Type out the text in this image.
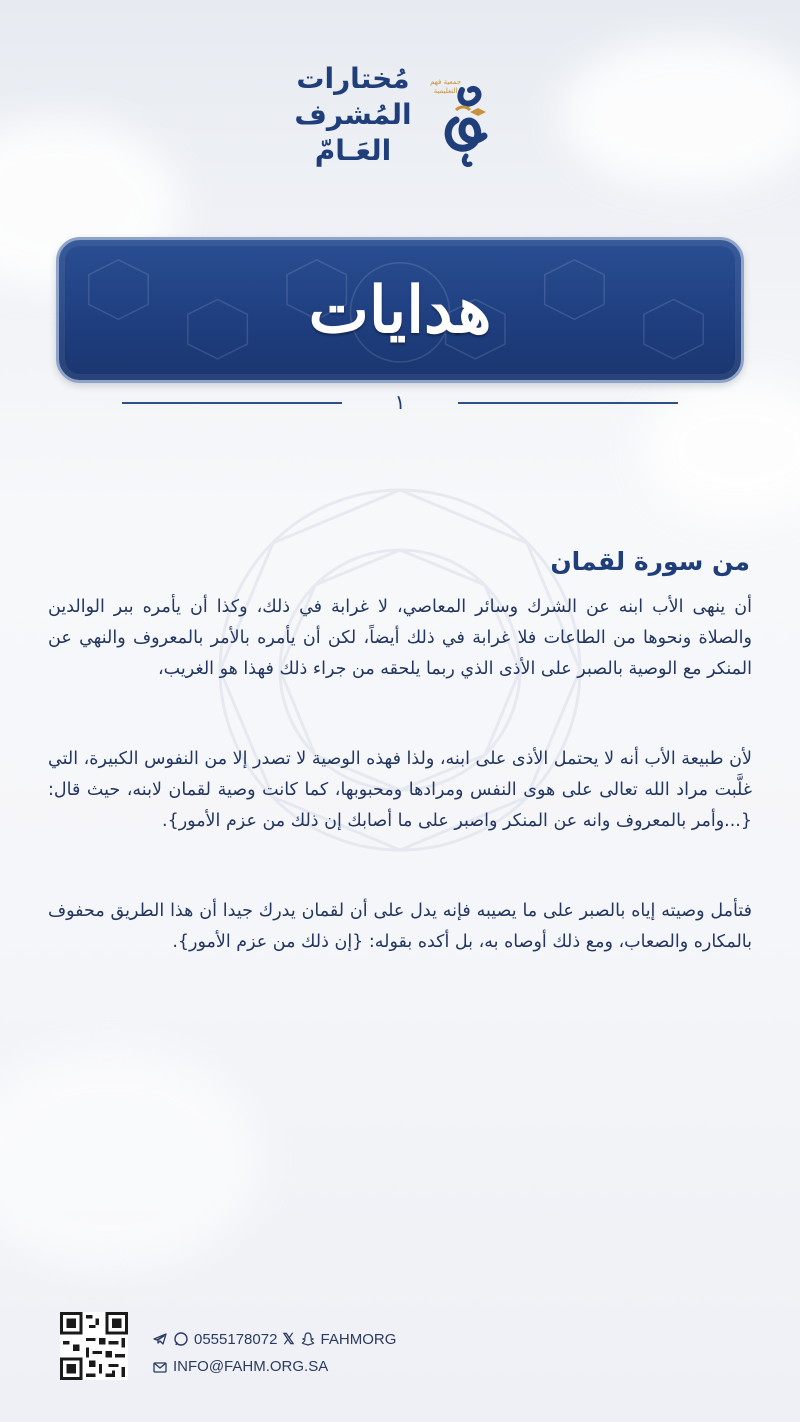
مُختارات
المُشرف
العَـامّ
جمعية فهم التعليمية
هدايات
١
من سورة لقمان
أن ينهى الأب ابنه عن الشرك وسائر المعاصي، لا غرابة في ذلك، وكذا أن يأمره ببر الوالدين والصلاة ونحوها من الطاعات فلا غرابة في ذلك أيضاً، لكن أن يأمره بالأمر بالمعروف والنهي عن المنكر مع الوصية بالصبر على الأذى الذي ربما يلحقه من جراء ذلك فهذا هو الغريب،
لأن طبيعة الأب أنه لا يحتمل الأذى على ابنه، ولذا فهذه الوصية لا تصدر إلا من النفوس الكبيرة، التي غلَّبت مراد الله تعالى على هوى النفس ومرادها ومحبوبها، كما كانت وصية لقمان لابنه، حيث قال: {...وأمر بالمعروف وانه عن المنكر واصبر على ما أصابك إن ذلك من عزم الأمور}.
فتأمل وصيته إياه بالصبر على ما يصيبه فإنه يدل على أن لقمان يدرك جيدا أن هذا الطريق محفوف بالمكاره والصعاب، ومع ذلك أوصاه به، بل أكده بقوله: {إن ذلك من عزم الأمور}.
0555178072 𝕏 FAHMORG
INFO@FAHM.ORG.SA
